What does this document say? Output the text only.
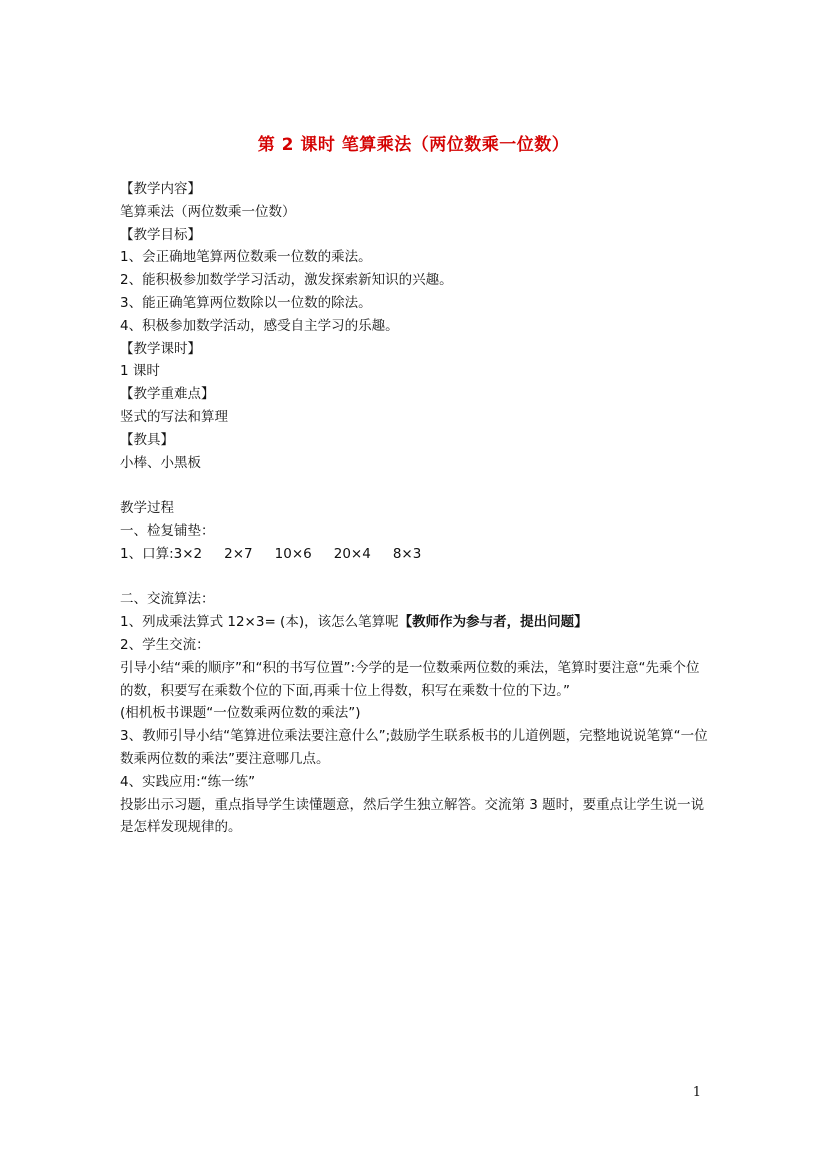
第 2 课时 笔算乘法（两位数乘一位数）
【教学内容】
笔算乘法（两位数乘一位数）
【教学目标】
1、会正确地笔算两位数乘一位数的乘法。
2、能积极参加数学学习活动，激发探索新知识的兴趣。
3、能正确笔算两位数除以一位数的除法。
4、积极参加数学活动，感受自主学习的乐趣。
【教学课时】
1 课时
【教学重难点】
竖式的写法和算理
【教具】
小棒、小黑板
教学过程
一、检复铺垫：
1、口算:3×2 2×7 10×6 20×4 8×3
二、交流算法：
1、列成乘法算式 12×3= (本)，该怎么笔算呢【教师作为参与者，提出问题】
2、学生交流：
引导小结“乘的顺序”和“积的书写位置”:今学的是一位数乘两位数的乘法，笔算时要注意“先乘个位的数，积要写在乘数个位的下面,再乘十位上得数，积写在乘数十位的下边。”
(相机板书课题“一位数乘两位数的乘法”)
3、教师引导小结“笔算进位乘法要注意什么”;鼓励学生联系板书的儿道例题，完整地说说笔算“一位数乘两位数的乘法”要注意哪几点。
4、实践应用:“练一练”
投影出示习题，重点指导学生读懂题意，然后学生独立解答。交流第 3 题时，要重点让学生说一说是怎样发现规律的。
1
